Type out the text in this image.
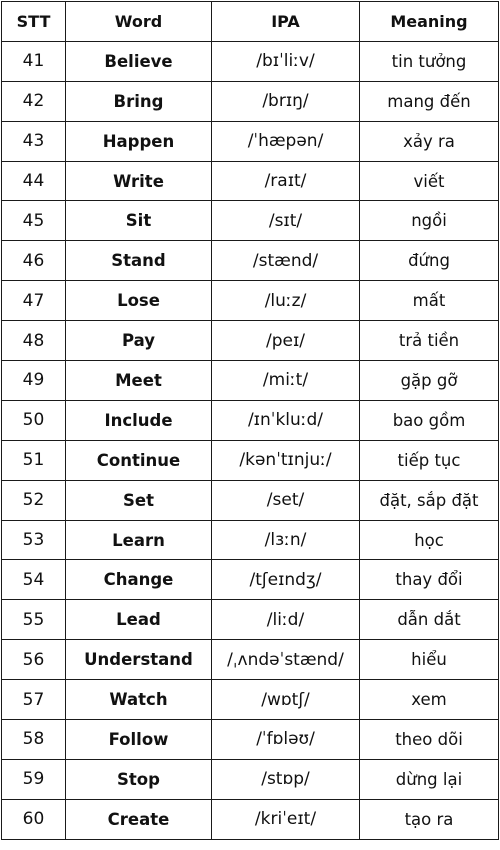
STT	Word	IPA	Meaning
41	Believe	/bɪˈliːv/	tin tưởng
42	Bring	/brɪŋ/	mang đến
43	Happen	/ˈhæpən/	xảy ra
44	Write	/raɪt/	viết
45	Sit	/sɪt/	ngồi
46	Stand	/stænd/	đứng
47	Lose	/luːz/	mất
48	Pay	/peɪ/	trả tiền
49	Meet	/miːt/	gặp gỡ
50	Include	/ɪnˈkluːd/	bao gồm
51	Continue	/kənˈtɪnjuː/	tiếp tục
52	Set	/set/	đặt, sắp đặt
53	Learn	/lɜːn/	học
54	Change	/tʃeɪndʒ/	thay đổi
55	Lead	/liːd/	dẫn dắt
56	Understand	/ˌʌndəˈstænd/	hiểu
57	Watch	/wɒtʃ/	xem
58	Follow	/ˈfɒləʊ/	theo dõi
59	Stop	/stɒp/	dừng lại
60	Create	/kriˈeɪt/	tạo ra
